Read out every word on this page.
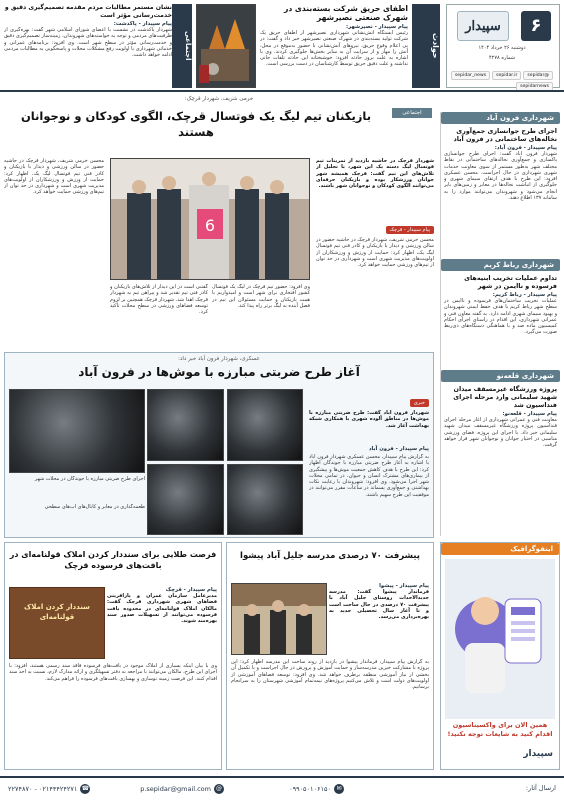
۶
سپیدار
دوشنبه ۲۶ خرداد ۱۴۰۴
شماره ۴۲۷۸
@sepidar
sepidar.ir
sepidar_news
sepidarnews
حوادث
اطفای حریق شرکت بسته‌بندی در شهرک صنعتی نصیرشهر
پیام سپیدار - نصیرشهر:
رئیس ایستگاه آتش‌نشانی شهرداری نصیرشهر از اطفای حریق یک شرکت تولید بسته‌بندی در شهرک صنعتی نصیرشهر خبر داد و گفت: در پی اعلام وقوع حریق، نیروهای آتش‌نشانی با حضور به‌موقع در محل، آتش را مهار و از سرایت آن به سایر بخش‌ها جلوگیری کردند. وی با اشاره به علت بروز حادثه افزود: خوشبختانه این حادثه تلفات جانی نداشته و علت دقیق حریق توسط کارشناسان در دست بررسی است.
اجتماعی
نشان مستمر مطالبات مردم مقدمه تصمیم‌گیری دقیق و خدمت‌رسانی مؤثر است
پیام سپیدار - پاکدشت:
شهردار پاکدشت در نشست با اعضای شورای اسلامی شهر گفت: بهره‌گیری از ظرفیت‌های مردمی و توجه به خواسته‌های شهروندان، زمینه‌ساز تصمیم‌گیری دقیق و خدمت‌رسانی مؤثر در سطح شهر است. وی افزود: برنامه‌های عمرانی و خدماتی شهرداری با اولویت رفع مشکلات محلات و پاسخگویی به مطالبات مردمی ادامه خواهد داشت.
شهرداری فرون آباد
اجرای طرح جوانسازی جمع‌آوری نخاله‌های ساختمانی در فرون آباد
پیام سپیدار - فرون آباد:
شهردار فرون آباد گفت: اجرای طرح جوانسازی پاکسازی و جمع‌آوری نخاله‌های ساختمانی در نقاط مختلف شهر به‌طور مستمر از سوی معاونت خدمات شهری شهرداری در حال اجراست. محسن عسکری افزود: این طرح با هدف ارتقای سیمای شهری و جلوگیری از انباشت نخاله‌ها در معابر و زمین‌های بایر انجام می‌شود و شهروندان می‌توانند موارد را به سامانه ۱۳۷ اطلاع دهند.
شهرداری رباط کریم
تداوم عملیات تخریب ابنیه‌های فرسوده و ناایمن در شهر
پیام سپیدار - رباط کریم:
عملیات تخریب ساختمان‌های فرسوده و ناایمن در سطح شهر رباط کریم با هدف حفظ ایمنی شهروندان و بهبود سیمای شهری ادامه دارد. به گفته معاون فنی و عمرانی شهرداری، این اقدام در راستای اجرای احکام کمیسیون ماده صد و با هماهنگی دستگاه‌های ذی‌ربط صورت می‌گیرد.
شهرداری قلعه‌نو
پروژه ورزشگاه غیرمسقف میدان شهید سلیمانی وارد مرحله اجرای فنداسیون شد
پیام سپیدار - قلعه‌نو:
معاونت فنی و عمرانی شهرداری از آغاز مرحله اجرای فنداسیون پروژه ورزشگاه غیرمسقف میدان شهید سلیمانی خبر داد. با اجرای این پروژه، فضای ورزشی مناسبی در اختیار جوانان و نوجوانان شهر قرار خواهد گرفت.
خرمی شریف، شهردار قرچک:
اجتماعی
بازیکنان تیم لیگ یک فوتسال قرچک، الگوی کودکان و نوجوانان هستند
شهردار قرچک در حاشیه بازدید از تمرینات تیم فوتسال لیگ دسته یک این شهر، با تجلیل از تلاش‌های این تیم گفت: قرچک همیشه شهر جوانان ورزشکار بوده و بازیکنان حرفه‌ای می‌توانند الگوی کودکان و نوجوانان شهر باشند.
پیام سپیدار - قرچک
محسن خرمی شریف، شهردار قرچک در حاشیه حضور در سالن ورزشی و دیدار با بازیکنان و کادر فنی تیم فوتسال لیگ یک، اظهار کرد: حمایت از ورزش و ورزشکاران از اولویت‌های مدیریت شهری است و شهرداری در حد توان از تیم‌های ورزشی حمایت خواهد کرد.
6
وی افزود: حضور تیم قرچک در لیگ یک فوتسال کشور افتخاری برای شهر است و امیدواریم با همت بازیکنان و حمایت مسئولان این تیم در فصل آینده به لیگ برتر راه پیدا کند.
گفتنی است در این دیدار از تلاش‌های بازیکنان و کادر فنی تیم تقدیر شد و پیراهن تیم به شهردار قرچک اهدا شد. شهردار قرچک همچنین بر لزوم توسعه فضاهای ورزشی در سطح محلات تأکید کرد.
محسن خرمی شریف، شهردار قرچک در حاشیه حضور در سالن ورزشی و دیدار با بازیکنان و کادر فنی تیم فوتسال لیگ یک، اظهار کرد: حمایت از ورزش و ورزشکاران از اولویت‌های مدیریت شهری است و شهرداری در حد توان از تیم‌های ورزشی حمایت خواهد کرد.
عسکری، شهردار فرون آباد خبر داد:
آغاز طرح ضربتی مبارزه با موش‌ها در فرون آباد
خبری
شهردار فرون آباد گفت: طرح ضربتی مبارزه با موش‌ها در مناطق آلوده شهری با همکاری شبکه بهداشت آغاز شد.
پیام سپیدار - فرون آباد
به گزارش پیام سپیدار، محسن عسکری شهردار فرون آباد با اشاره به آغاز طرح ضربتی مبارزه با جوندگان اظهار کرد: این طرح با هدف کاهش جمعیت موش‌ها و پیشگیری از بیماری‌های مشترک انسان و حیوان، در تمامی محلات شهر اجرا می‌شود. وی افزود: شهروندان با رعایت نکات بهداشتی و جمع‌آوری پسماند در ساعات مقرر می‌توانند در موفقیت این طرح سهیم باشند.
اجرای طرح ضربتی مبارزه با جوندگان در محلات شهر
طعمه‌گذاری در معابر و کانال‌های آب‌های سطحی
اینفوگرافیک
همین الان برای واکسیناسیون اقدام کنید به شایعات توجه نکنید!
سپیدار
پیشرفت ۷۰ درصدی مدرسه جلیل آباد پیشوا
پیام سپیدار - پیشوا
فرماندار پیشوا گفت: مدرسه جدیدالاحداث روستای جلیل آباد با پیشرفت ۷۰ درصدی در حال ساخت است و تا آغاز سال تحصیلی جدید به بهره‌برداری می‌رسد.
به گزارش پیام سپیدار، فرماندار پیشوا در بازدید از روند ساخت این مدرسه اظهار کرد: این پروژه با مشارکت خیرین مدرسه‌ساز و حمایت آموزش و پرورش در حال اجراست و با تکمیل آن بخشی از نیاز آموزشی منطقه برطرف خواهد شد. وی افزود: توسعه فضاهای آموزشی از اولویت‌های دولت است و تلاش می‌کنیم پروژه‌های نیمه‌تمام آموزشی شهرستان را به سرانجام برسانیم.
فرصت طلایی برای سند‌دار کردن املاک قولنامه‌ای در بافت‌های فرسوده قرچک
پیام سپیدار - قرچک
مدیرعامل سازمان عمران و بازآفرینی فضاهای شهری شهرداری قرچک گفت: مالکان املاک قولنامه‌ای در محدوده بافت فرسوده می‌توانند از تسهیلات صدور سند بهره‌مند شوند.
سند‌دار کردن املاک قولنامه‌ای
وی با بیان اینکه بسیاری از املاک موجود در بافت‌های فرسوده فاقد سند رسمی هستند، افزود: با اجرای این طرح، مالکان می‌توانند با مراجعه به دفتر تسهیلگری و ارائه مدارک لازم، نسبت به اخذ سند اقدام کنند. این فرصت زمینه نوسازی و بهسازی بافت‌های فرسوده را فراهم می‌کند.
ارسال آثار:
✉
۰۹۹۰۵۰۱۰۶۱۵۰
@
p.sepidar@gmail.com
☎
۰۲۱۴۴۴۲۴۲۷۱ - ۲۲۷۴۸۷۰
